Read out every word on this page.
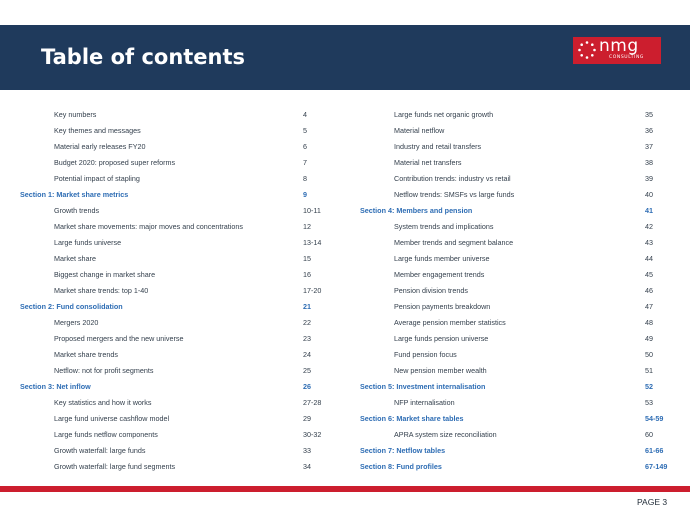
Table of contents	nmg
CONSULTING
Key numbers	4
Key themes and messages	5
Material early releases FY20	6
Budget 2020: proposed super reforms	7
Potential impact of stapling	8
Section 1: Market share metrics	9
Growth trends	10-11
Market share movements: major moves and concentrations	12
Large funds universe	13-14
Market share	15
Biggest change in market share	16
Market share trends: top 1-40	17-20
Section 2: Fund consolidation	21
Mergers 2020	22
Proposed mergers and the new universe	23
Market share trends	24
Netflow: not for profit segments	25
Section 3: Net inflow	26
Key statistics and how it works	27-28
Large fund universe cashflow model	29
Large funds netflow components	30-32
Growth waterfall: large funds	33
Growth waterfall: large fund segments	34
Large funds net organic growth	35
Material netflow	36
Industry and retail transfers	37
Material net transfers	38
Contribution trends: industry vs retail	39
Netflow trends: SMSFs vs large funds	40
Section 4: Members and pension	41
System trends and implications	42
Member trends and segment balance	43
Large funds member universe	44
Member engagement trends	45
Pension division trends	46
Pension payments breakdown	47
Average pension member statistics	48
Large funds pension universe	49
Fund pension focus	50
New pension member wealth	51
Section 5: Investment internalisation	52
NFP internalisation	53
Section 6: Market share tables	54-59
APRA system size reconciliation	60
Section 7: Netflow tables	61-66
Section 8: Fund profiles	67-149
PAGE 3
